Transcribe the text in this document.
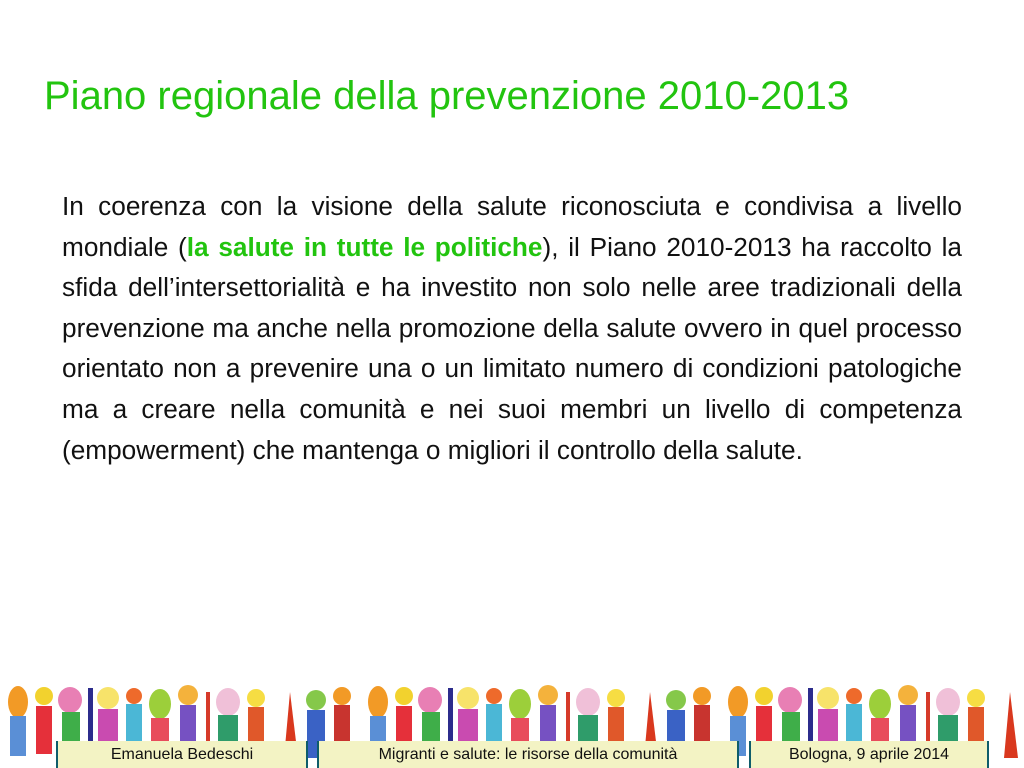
Piano regionale della prevenzione 2010-2013

In coerenza con la visione della salute riconosciuta e condivisa a livello mondiale (la salute in tutte le politiche), il Piano 2010-2013 ha raccolto la sfida dell’intersettorialità e ha investito non solo nelle aree tradizionali della prevenzione ma anche nella promozione della salute ovvero in quel processo orientato non a prevenire una o un limitato numero di condizioni patologiche ma a creare nella comunità e nei suoi membri un livello di competenza (empowerment) che mantenga o migliori il controllo della salute.

Emanuela Bedeschi	Migranti e salute: le risorse della comunità	Bologna, 9 aprile 2014
